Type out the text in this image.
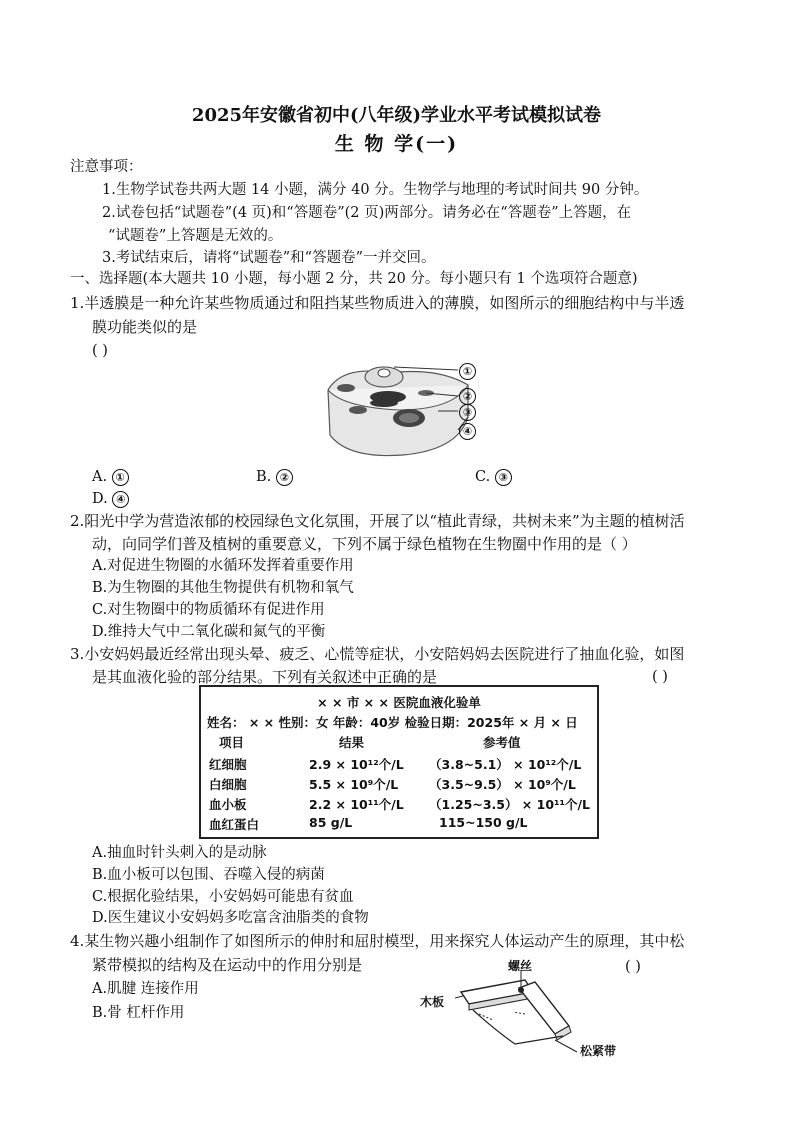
2025年安徽省初中(八年级)学业水平考试模拟试卷
生 物 学(一)
注意事项：
1.生物学试卷共两大题 14 小题，满分 40 分。生物学与地理的考试时间共 90 分钟。
2.试卷包括“试题卷”(4 页)和“答题卷”(2 页)两部分。请务必在“答题卷”上答题，在
“试题卷”上答题是无效的。
3.考试结束后，请将“试题卷”和“答题卷”一并交回。
一、选择题(本大题共 10 小题，每小题 2 分，共 20 分。每小题只有 1 个选项符合题意)
1.半透膜是一种允许某些物质通过和阻挡某些物质进入的薄膜，如图所示的细胞结构中与半透
膜功能类似的是
( )
①
②
③
④
A. ①	B. ②	C. ③
D. ④
2.阳光中学为营造浓郁的校园绿色文化氛围，开展了以“植此青绿，共树未来”为主题的植树活
动，向同学们普及植树的重要意义，下列不属于绿色植物在生物圈中作用的是（ ）
A.对促进生物圈的水循环发挥着重要作用
B.为生物圈的其他生物提供有机物和氧气
C.对生物圈中的物质循环有促进作用
D.维持大气中二氧化碳和氮气的平衡
3.小安妈妈最近经常出现头晕、疲乏、心慌等症状，小安陪妈妈去医院进行了抽血化验，如图
是其血液化验的部分结果。下列有关叙述中正确的是	( )
× × 市 × × 医院血液化验单
姓名： × × 性别：女 年龄：40岁 检验日期：2025年 × 月 × 日
项目	结果	参考值
红细胞	2.9 × 10¹²个/L （3.8~5.1） × 10¹²个/L
白细胞	5.5 × 10⁹个/L （3.5~9.5） × 10⁹个/L
血小板	2.2 × 10¹¹个/L （1.25~3.5） × 10¹¹个/L
血红蛋白	85 g/L	115~150 g/L
A.抽血时针头刺入的是动脉
B.血小板可以包围、吞噬入侵的病菌
C.根据化验结果，小安妈妈可能患有贫血
D.医生建议小安妈妈多吃富含油脂类的食物
4.某生物兴趣小组制作了如图所示的伸肘和屈肘模型，用来探究人体运动产生的原理，其中松
紧带模拟的结构及在运动中的作用分别是	( )
A.肌腱 连接作用
B.骨 杠杆作用
螺丝
木板
松紧带
